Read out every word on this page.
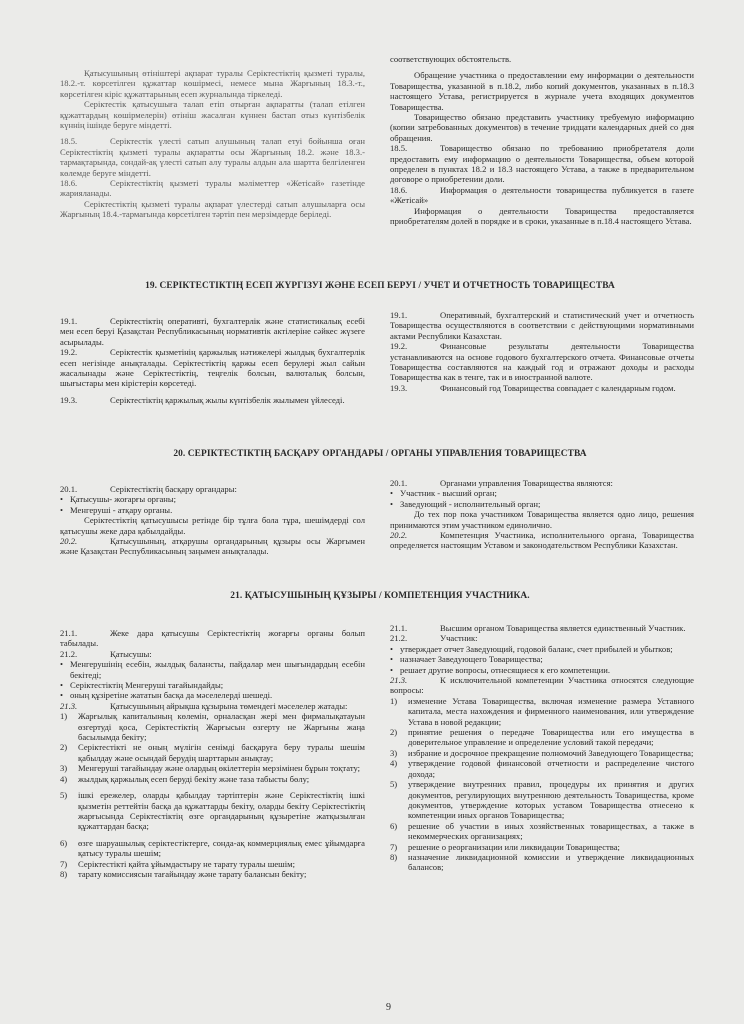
Қатысушының өтініштері ақпарат туралы Серіктестіктің қызметі туралы, 18.2.-т. көрсетілген құжаттар көшірмесі, немесе мына Жарғының 18.3.-т., көрсетілген кіріс құжаттарының есеп журналында тіркеледі.

Серіктестік қатысушыға талап етіп отырған ақпаратты (талап етілген құжаттардың көшірмелерін) өтініш жасалған күннен бастап отыз күнтізбелік күннің ішінде беруге міндетті.

18.5.	Серіктестік үлесті сатып алушының талап етуі бойынша оған Серіктестіктің қызметі туралы ақпаратты осы Жарғының 18.2. және 18.3.-тармақтарында, сондай-ақ үлесті сатып алу туралы алдын ала шартта белгіленген көлемде беруге міндетті.

18.6.	Серіктестіктің қызметі туралы мәліметтер «Жетісай» газетінде жарияланады.

Серіктестіктің қызметі туралы ақпарат үлестерді сатып алушыларға осы Жарғының 18.4.-тармағында көрсетілген тәртіп пен мерзімдерде беріледі.

соответствующих обстоятельств.

Обращение участника о предоставлении ему информации о деятельности Товарищества, указанной в п.18.2, либо копий документов, указанных в п.18.3 настоящего Устава, регистрируется в журнале учета входящих документов Товарищества.

Товарищество обязано представить участнику требуемую информацию (копии затребованных документов) в течение тридцати календарных дней со дня обращения.

18.5.	Товарищество обязано по требованию приобретателя доли предоставить ему информацию о деятельности Товарищества, объем которой определен в пунктах 18.2 и 18.3 настоящего Устава, а также в предварительном договоре о приобретении доли.

18.6.	Информация о деятельности товарищества публикуется в газете «Жетісай»

Информация о деятельности Товарищества предоставляется приобретателям долей в порядке и в сроки, указанные в п.18.4 настоящего Устава.

19. СЕРІКТЕСТІКТІҢ ЕСЕП ЖҮРГІЗУІ ЖӘНЕ ЕСЕП БЕРУІ / УЧЕТ И ОТЧЕТНОСТЬ ТОВАРИЩЕСТВА

19.1.	Серіктестіктің оперативті, бухгалтерлік және статистикалық есебі мен есеп беруі Қазақстан Республикасының нормативтік актілеріне сәйкес жүзеге асырылады.

19.2.	Серіктестік қызметінің қаржылық нәтижелері жылдық бухгалтерлік есеп негізінде анықталады. Серіктестіктің қаржы есеп берулері жыл сайын жасалынады және Серіктестіктің, теңгелік болсын, валюталық болсын, шығыстары мен кірістерін көрсетеді.

19.3.	Серіктестіктің қаржылық жылы күнтізбелік жылымен үйлеседі.

19.1.	Оперативный, бухгалтерский и статистический учет и отчетность Товарищества осуществляются в соответствии с действующими нормативными актами Республики Казахстан.

19.2.	Финансовые результаты деятельности Товарищества устанавливаются на основе годового бухгалтерского отчета. Финансовые отчеты Товарищества составляются на каждый год и отражают доходы и расходы Товарищества как в тенге, так и в иностранной валюте.

19.3.	Финансовый год Товарищества совпадает с календарным годом.

20. СЕРІКТЕСТІКТІҢ БАСҚАРУ ОРГАНДАРЫ / ОРГАНЫ УПРАВЛЕНИЯ ТОВАРИЩЕСТВА

20.1.	Серіктестіктің басқару органдары:

• Қатысушы- жоғарғы органы;

• Менгеруші - атқару органы.

Серіктестіктің қатысушысы ретінде бір тұлға бола тұра, шешімдерді сол қатысушы жеке дара қабылдайды.

20.2.	Қатысушының, атқарушы органдарының құзыры осы Жарғымен және Қазақстан Республикасының заңымен анықталады.

20.1.	Органами управления Товарищества являются:

• Участник - высший орган;

• Заведующий - исполнительный орган;

До тех пор пока участником Товарищества является одно лицо, решения принимаются этим участником единолично.

20.2.	Компетенция Участника, исполнительного органа, Товарищества определяется настоящим Уставом и законодательством Республики Казахстан.

21. ҚАТЫСУШЫНЫҢ ҚҰЗЫРЫ / КОМПЕТЕНЦИЯ УЧАСТНИКА.

21.1.	Жеке дара қатысушы Серіктестіктің жоғарғы органы болып табылады.

21.2.	Қатысушы:

• Менгерушінің есебін, жылдық балансты, пайдалар мен шығындардың есебін бекітеді;

• Серіктестіктің Менгеруші тағайындайды;

• оның құзіретіне жататын басқа да мәселелерді шешеді.

21.3.	Қатысушының айрықша құзырына төмендегі мәселелер жатады:

1) Жарғылық капиталының көлемін, орналасқан жері мен фирмалықатауын өзгертуді қоса, Серіктестіктің Жарғысын өзгерту не Жарғыны жаңа басылымда бекіту;

2) Серіктестікті не оның мүлігін сенімді басқаруға беру туралы шешім қабылдау және осындай берудің шарттарын анықтау;

3) Менгеруші тағайындау және олардың өкілеттерін мерзімінен бұрын тоқтату;

4) жылдық қаржылық есеп беруді бекіту және таза табысты бөлу;

5) ішкі ережелер, оларды қабылдау тәртіптерін және Серіктестіктің ішкі қызметін реттейтін басқа да құжаттарды бекіту, оларды бекіту Серіктестіктің жарғысында Серіктестіктің өзге органдарының құзыретіне жатқызылған құжаттардан басқа;

6) өзге шаруашылық серіктестіктерге, сонда-ақ коммерциялық емес ұйымдарға қатысу туралы шешім;

7) Серіктестікті қайта ұйымдастыру не тарату туралы шешім;

8) тарату комиссиясын тағайындау және тарату балансын бекіту;

21.1.	Высшим органом Товарищества является единственный Участник.

21.2.	Участник:

• утверждает отчет Заведующий, годовой баланс, счет прибылей и убытков;

• назначает Заведующего Товарищества;

• решает другие вопросы, отнесящиеся к его компетенции.

21.3.	К исключительной компетенции Участника относятся следующие вопросы:

1) изменение Устава Товарищества, включая изменение размера Уставного капитала, места нахождения и фирменного наименования, или утверждение Устава в новой редакции;

2) принятие решения о передаче Товарищества или его имущества в доверительное управление и определение условий такой передачи;

3) избрание и досрочное прекращение полномочий Заведующего Товарищества;

4) утверждение годовой финансовой отчетности и распределение чистого дохода;

5) утверждение внутренних правил, процедуры их принятия и других документов, регулирующих внутреннюю деятельность Товарищества, кроме документов, утверждение которых уставом Товарищества отнесено к компетенции иных органов Товарищества;

6) решение об участии в иных хозяйственных товариществах, а также в некоммерческих организациях;

7) решение о реорганизации или ликвидации Товарищества;

8) назначение ликвидационной комиссии и утверждение ликвидационных балансов;

9
